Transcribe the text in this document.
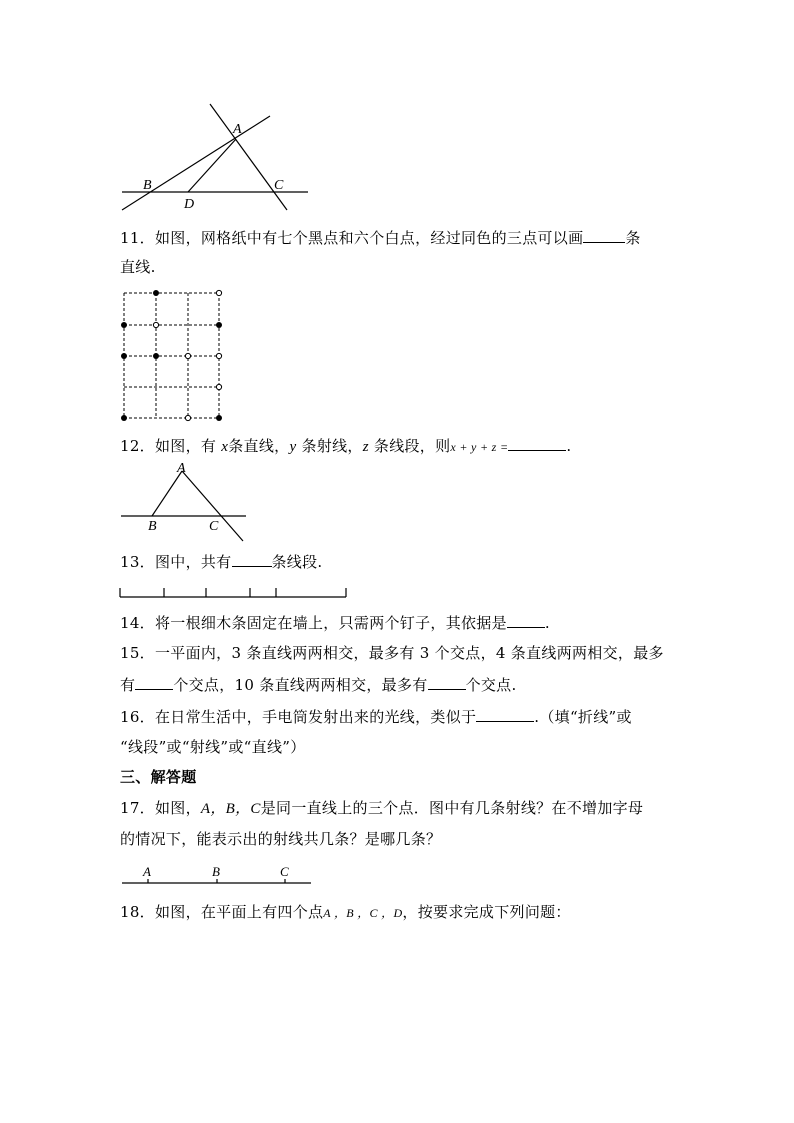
A
B	C
D
11．如图，网格纸中有七个黑点和六个白点，经过同色的三点可以画	条
直线.
12．如图，有 x条直线，y 条射线，z 条线段，则x + y + z =	.
A
B	C
13．图中，共有	条线段.
14．将一根细木条固定在墙上，只需两个钉子，其依据是	.
15．一平面内，3 条直线两两相交，最多有 3 个交点，4 条直线两两相交，最多
有	个交点，10 条直线两两相交，最多有	个交点.
16．在日常生活中，手电筒发射出来的光线，类似于	.（填“折线”或
“线段”或“射线”或“直线”）
三、解答题
17．如图，A，B，C是同一直线上的三个点．图中有几条射线？在不增加字母
的情况下，能表示出的射线共几条？是哪几条？
A	B	C
18．如图，在平面上有四个点A ，B ，C ，D，按要求完成下列问题：
